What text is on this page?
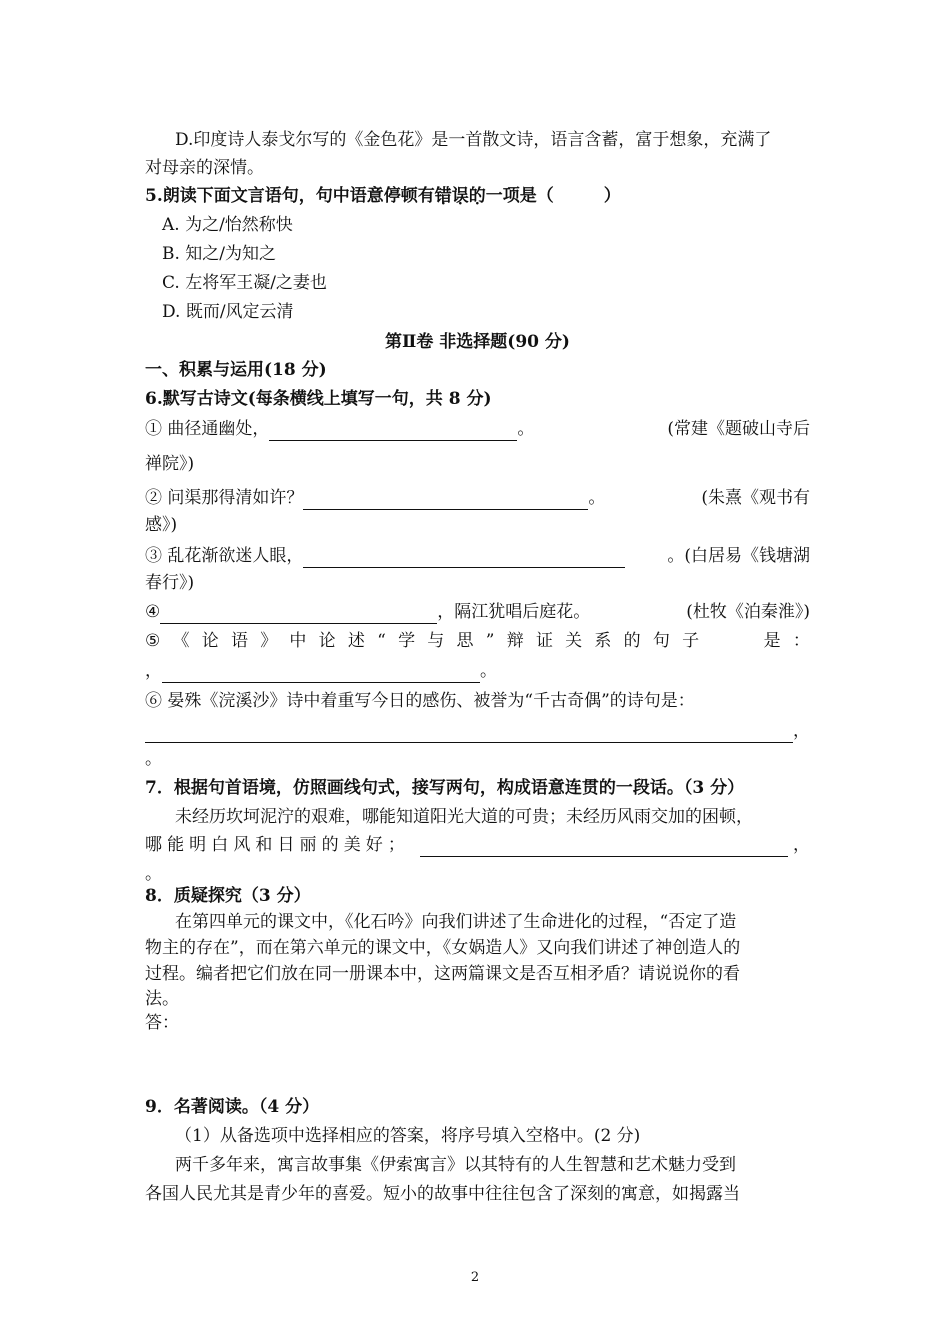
D.印度诗人泰戈尔写的《金色花》是一首散文诗，语言含蓄，富于想象，充满了
对母亲的深情。
5.朗读下面文言语句，句中语意停顿有错误的一项是（	）
A. 为之/怡然称快
B. 知之/为知之
C. 左将军王凝/之妻也
D. 既而/风定云清
第Ⅱ卷 非选择题(90 分)
一、积累与运用(18 分)
6.默写古诗文(每条横线上填写一句，共 8 分)
① 曲径通幽处，	。	(常建《题破山寺后
禅院》)
② 问渠那得清如许？	。	(朱熹《观书有
感》)
③ 乱花渐欲迷人眼，	。(白居易《钱塘湖
春行》)
④	，隔江犹唱后庭花。	(杜牧《泊秦淮》)
⑤ 《 论 语 》 中 论 述 “ 学 与 思 ” 辩 证 关 系 的 句 子	是 ：
，	。
⑥ 晏殊《浣溪沙》诗中着重写今日的感伤、被誉为“千古奇偶”的诗句是：
，
。
7．根据句首语境，仿照画线句式，接写两句，构成语意连贯的一段话。（3 分）
未经历坎坷泥泞的艰难，哪能知道阳光大道的可贵；未经历风雨交加的困顿，
哪 能 明 白 风 和 日 丽 的 美 好 ；
	，
。
8．质疑探究（3 分）
在第四单元的课文中，《化石吟》向我们讲述了生命进化的过程，“否定了造
物主的存在”，而在第六单元的课文中，《女娲造人》又向我们讲述了神创造人的
过程。编者把它们放在同一册课本中，这两篇课文是否互相矛盾？请说说你的看
法。
答：
9．名著阅读。（4 分）
（1）从备选项中选择相应的答案，将序号填入空格中。(2 分)
两千多年来，寓言故事集《伊索寓言》以其特有的人生智慧和艺术魅力受到
各国人民尤其是青少年的喜爱。短小的故事中往往包含了深刻的寓意，如揭露当
2
